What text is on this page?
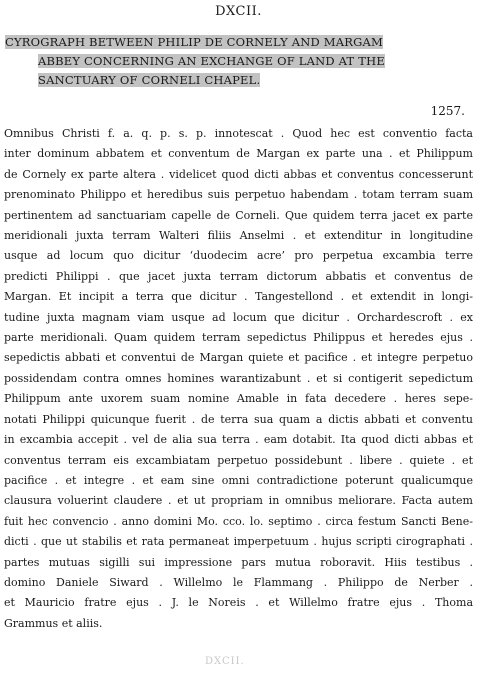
DXCII.
CYROGRAPH BETWEEN PHILIP DE CORNELY AND MARGAM
ABBEY CONCERNING AN EXCHANGE OF LAND AT THE
SANCTUARY OF CORNELI CHAPEL.
1257.
Omnibus Christi f. a. q. p. s. p. innotescat . Quod hec est conventio facta
inter dominum abbatem et conventum de Margan ex parte una . et Philippum
de Cornely ex parte altera . videlicet quod dicti abbas et conventus concesserunt
prenominato Philippo et heredibus suis perpetuo habendam . totam terram suam
pertinentem ad sanctuariam capelle de Corneli. Que quidem terra jacet ex parte
meridionali juxta terram Walteri filiis Anselmi . et extenditur in longitudine
usque ad locum quo dicitur ‘duodecim acre’ pro perpetua excambia terre
predicti Philippi . que jacet juxta terram dictorum abbatis et conventus de
Margan. Et incipit a terra que dicitur . Tangestellond . et extendit in longi-
tudine juxta magnam viam usque ad locum que dicitur . Orchardescroft . ex
parte meridionali. Quam quidem terram sepedictus Philippus et heredes ejus .
sepedictis abbati et conventui de Margan quiete et pacifice . et integre perpetuo
possidendam contra omnes homines warantizabunt . et si contigerit sepedictum
Philippum ante uxorem suam nomine Amable in fata decedere . heres sepe-
notati Philippi quicunque fuerit . de terra sua quam a dictis abbati et conventu
in excambia accepit . vel de alia sua terra . eam dotabit. Ita quod dicti abbas et
conventus terram eis excambiatam perpetuo possidebunt . libere . quiete . et
pacifice . et integre . et eam sine omni contradictione poterunt qualicumque
clausura voluerint claudere . et ut propriam in omnibus meliorare. Facta autem
fuit hec convencio . anno domini Mo. cco. lo. septimo . circa festum Sancti Bene-
dicti . que ut stabilis et rata permaneat imperpetuum . hujus scripti cirographati .
partes mutuas sigilli sui impressione pars mutua roboravit. Hiis testibus .
domino Daniele Siward . Willelmo le Flammang . Philippo de Nerber .
et Mauricio fratre ejus . J. le Noreis . et Willelmo fratre ejus . Thoma
Grammus et aliis.
DXCII.
